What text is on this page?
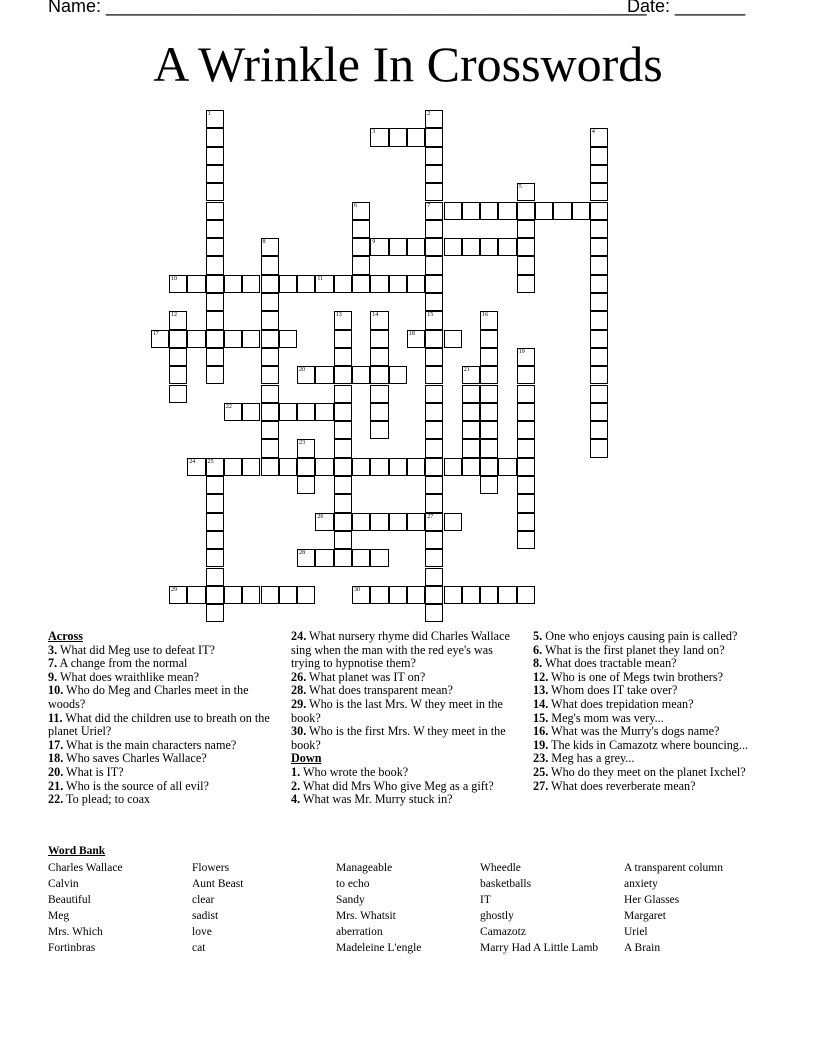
Name: ______________________________________________________
Date: _______
A Wrinkle In Crosswords
1	2
7
15
27
3	4
5
6
8	9
10	11
12	13	14	16
17	18
19
20	21
22
23
24 25
26
28
29	30
Across
3. What did Meg use to defeat IT?
7. A change from the normal
9. What does wraithlike mean?
10. Who do Meg and Charles meet in the woods?
11. What did the children use to breath on the planet Uriel?
17. What is the main characters name?
18. Who saves Charles Wallace?
20. What is IT?
21. Who is the source of all evil?
22. To plead; to coax
24. What nursery rhyme did Charles Wallace sing when the man with the red eye's was trying to hypnotise them?
26. What planet was IT on?
28. What does transparent mean?
29. Who is the last Mrs. W they meet in the book?
30. Who is the first Mrs. W they meet in the book?
Down
1. Who wrote the book?
2. What did Mrs Who give Meg as a gift?
4. What was Mr. Murry stuck in?
5. One who enjoys causing pain is called?
6. What is the first planet they land on?
8. What does tractable mean?
12. Who is one of Megs twin brothers?
13. Whom does IT take over?
14. What does trepidation mean?
15. Meg's mom was very...
16. What was the Murry's dogs name?
19. The kids in Camazotz where bouncing...
23. Meg has a grey...
25. Who do they meet on the planet Ixchel?
27. What does reverberate mean?
Word Bank
Charles Wallace
Calvin
Beautiful
Meg
Mrs. Which
Fortinbras
Flowers
Aunt Beast
clear
sadist
love
cat
Manageable
to echo
Sandy
Mrs. Whatsit
aberration
Madeleine L'engle
Wheedle
basketballs
IT
ghostly
Camazotz
Marry Had A Little Lamb
A transparent column
anxiety
Her Glasses
Margaret
Uriel
A Brain
